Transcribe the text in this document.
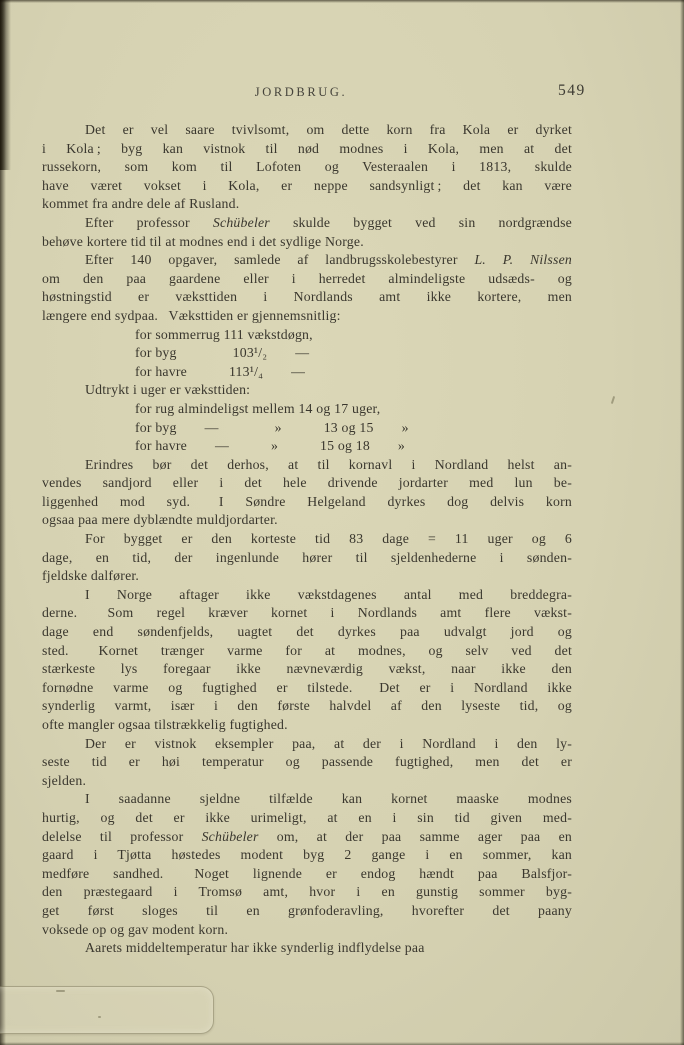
JORDBRUG.	549
Det er vel saare tvivlsomt, om dette korn fra Kola er dyrket
i Kola ; byg kan vistnok til nød modnes i Kola, men at det
russekorn, som kom til Lofoten og Vesteraalen i 1813, skulde
have været vokset i Kola, er neppe sandsynligt ; det kan være
kommet fra andre dele af Rusland.
Efter professor Schübeler skulde bygget ved sin nordgrændse
behøve kortere tid til at modnes end i det sydlige Norge.
Efter 140 opgaver, samlede af landbrugsskolebestyrer L. P. Nilssen
om den paa gaardene eller i herredet almindeligste udsæds- og
høstningstid er væksttiden i Nordlands amt ikke kortere, men
længere end sydpaa.  Væksttiden er gjennemsnitlig:
for sommerrug 111 vækstdøgn,
for byg    103¹/₂  —
for havre   113¹/₄  —
Udtrykt i uger er væksttiden:
for rug almindeligst mellem 14 og 17 uger,
for byg  —    »   13 og 15  »
for havre  —   »   15 og 18  »
Erindres bør det derhos, at til kornavl i Nordland helst an-
vendes sandjord eller i det hele drivende jordarter med lun be-
liggenhed mod syd.  I Søndre Helgeland dyrkes dog delvis korn
ogsaa paa mere dyblændte muldjordarter.
For bygget er den korteste tid 83 dage = 11 uger og 6
dage, en tid, der ingenlunde hører til sjeldenhederne i sønden-
fjeldske dalfører.
I Norge aftager ikke vækstdagenes antal med breddegra-
derne.  Som regel kræver kornet i Nordlands amt flere vækst-
dage end søndenfjelds, uagtet det dyrkes paa udvalgt jord og
sted.  Kornet trænger varme for at modnes, og selv ved det
stærkeste lys foregaar ikke nævneværdig vækst, naar ikke den
fornødne varme og fugtighed er tilstede.  Det er i Nordland ikke
synderlig varmt, især i den første halvdel af den lyseste tid, og
ofte mangler ogsaa tilstrækkelig fugtighed.
Der er vistnok eksempler paa, at der i Nordland i den ly-
seste tid er høi temperatur og passende fugtighed, men det er
sjelden.
I saadanne sjeldne tilfælde kan kornet maaske modnes
hurtig, og det er ikke urimeligt, at en i sin tid given med-
delelse til professor Schübeler om, at der paa samme ager paa en
gaard i Tjøtta høstedes modent byg 2 gange i en sommer, kan
medføre sandhed.  Noget lignende er endog hændt paa Balsfjor-
den præstegaard i Tromsø amt, hvor i en gunstig sommer byg-
get først sloges til en grønfoderavling, hvorefter det paany
voksede op og gav modent korn.
Aarets middeltemperatur har ikke synderlig indflydelse paa
